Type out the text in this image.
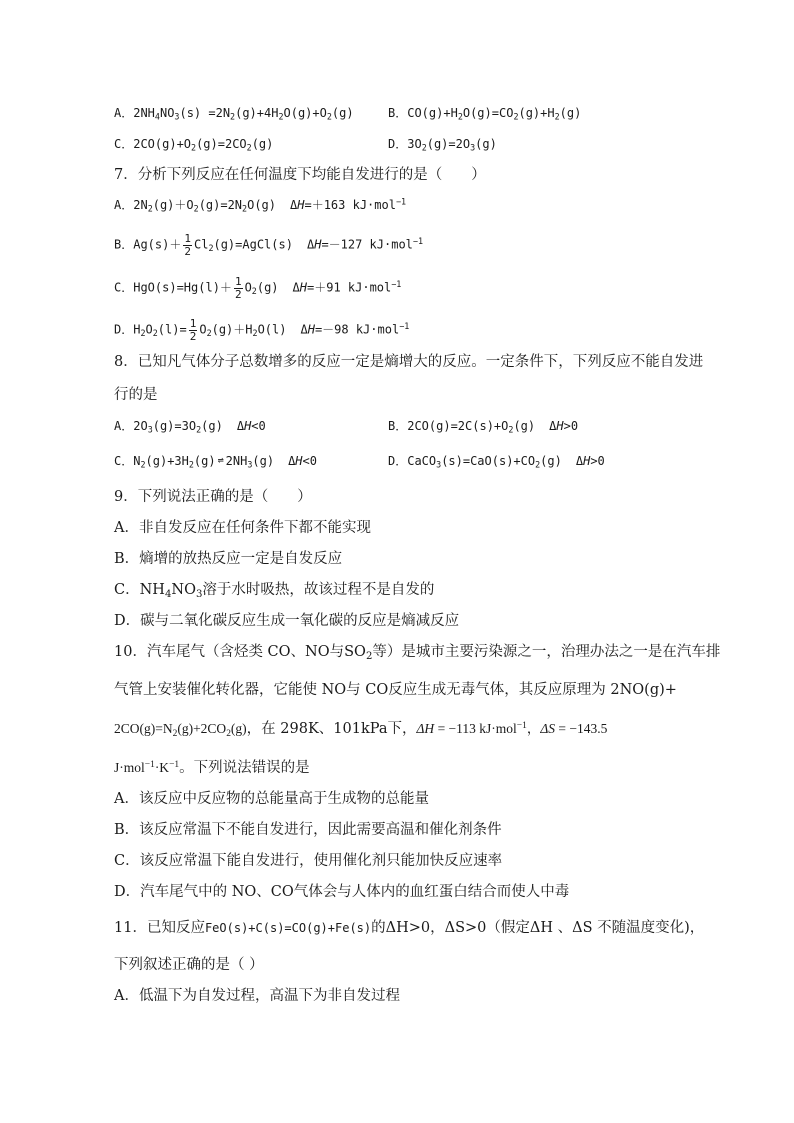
A．$2NH_4NO_3(s) =2N_2(g)+4H_2O(g)+O_2(g)$	B．$CO(g)+H_2O(g)=CO_2(g)+H_2(g)$
C．$2CO(g)+O_2(g)=2CO_2(g)$	D．$3O_2(g)=2O_3(g)$
7．分析下列反应在任何温度下均能自发进行的是（　　）
A．$2N_2(g)+O_2(g)=2N_2O(g)$ ΔH=＋163 kJ·mol$^{-1}$
B．$Ag(s)+ \frac{1}{2}$ $Cl_2(g)=AgCl(s)$ ΔH=－127 kJ·mol$^{-1}$
C．$HgO(s)=Hg(l)+ \frac{1}{2} O_2(g)$ ΔH=＋91 kJ·mol$^{-1}$
D．$H_2O_2(l)= \frac{1}{2} O_2(g)+H_2O(l)$ ΔH=－98 kJ·mol$^{-1}$
8．已知凡气体分子总数增多的反应一定是熵增大的反应。一定条件下，下列反应不能自发进
行的是
A．$2O_3(g)=3O_2(g)$ ΔH<0	B．$2CO(g)=2C(s)+O_2(g)$ ΔH>0
C．$N_2(g)+3H_2(g)$ ⇌ $2NH_3(g)$ ΔH<0	D．$CaCO_3(s)=CaO(s)+CO_2(g)$ ΔH>0
9．下列说法正确的是（　　）
A．非自发反应在任何条件下都不能实现
B．熵增的放热反应一定是自发反应
C．$NH_4NO_3$溶于水时吸热，故该过程不是自发的
D．碳与二氧化碳反应生成一氧化碳的反应是熵减反应
10．汽车尾气（含烃类 CO、NO与$SO_2$等）是城市主要污染源之一，治理办法之一是在汽车排
气管上安装催化转化器，它能使 NO与 CO反应生成无毒气体，其反应原理为 2NO(g)+
$2CO(g)=N_2(g)+2CO_2(g)$，在 298K、101kPa下，ΔH = −113 kJ·mol$^{-1}$，ΔS = −143.5
$J\cdot mol^{-1}\cdot K^{-1}$。下列说法错误的是
A．该反应中反应物的总能量高于生成物的总能量
B．该反应常温下不能自发进行，因此需要高温和催化剂条件
C．该反应常温下能自发进行，使用催化剂只能加快反应速率
D．汽车尾气中的 NO、CO气体会与人体内的血红蛋白结合而使人中毒
11．已知反应FeO(s)+C(s)=CO(g)+Fe(s)的ΔH>0，ΔS>0（假定ΔH 、ΔS 不随温度变化)，
下列叙述正确的是（ ）
A．低温下为自发过程，高温下为非自发过程
